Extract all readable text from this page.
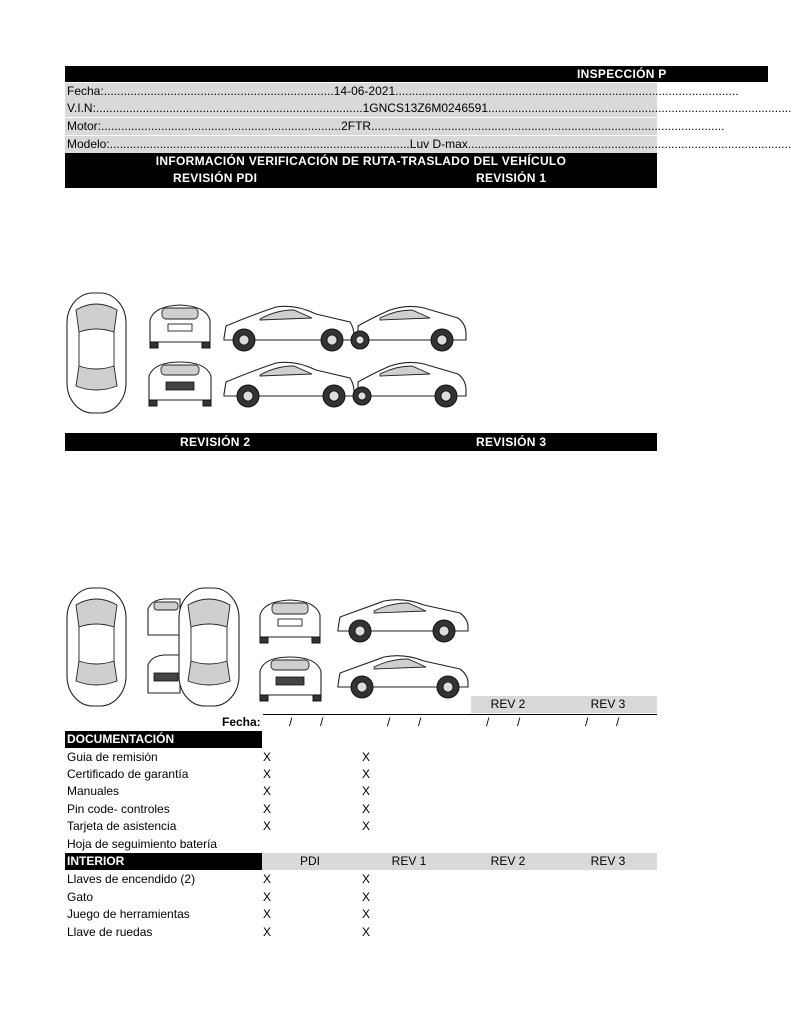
INSPECCIÓN P
Fecha:.....................................................................14-06-2021.......................................................................................................
V.I.N:................................................................................1GNCS13Z6M0246591...........................................................................................
Motor:........................................................................2FTR..........................................................................................................
Modelo:..........................................................................................Luv D-max.................................................................................................
INFORMACIÓN VERIFICACIÓN DE RUTA-TRASLADO DEL VEHÍCULO
REVISIÓN PDI	REVISIÓN 1
REVISIÓN 2	REVISIÓN 3
REV 2	REV 3
Fecha: / /	/ /	/ /	/ /
DOCUMENTACIÓN
Guia de remisión	X	X
Certificado de garantía	X	X
Manuales	X	X
Pin code- controles	X	X
Tarjeta de asistencia	X	X
Hoja de seguimiento batería
INTERIOR	PDI	REV 1	REV 2	REV 3
Llaves de encendido (2)	X	X
Gato	X	X
Juego de herramientas	X	X
Llave de ruedas	X	X
